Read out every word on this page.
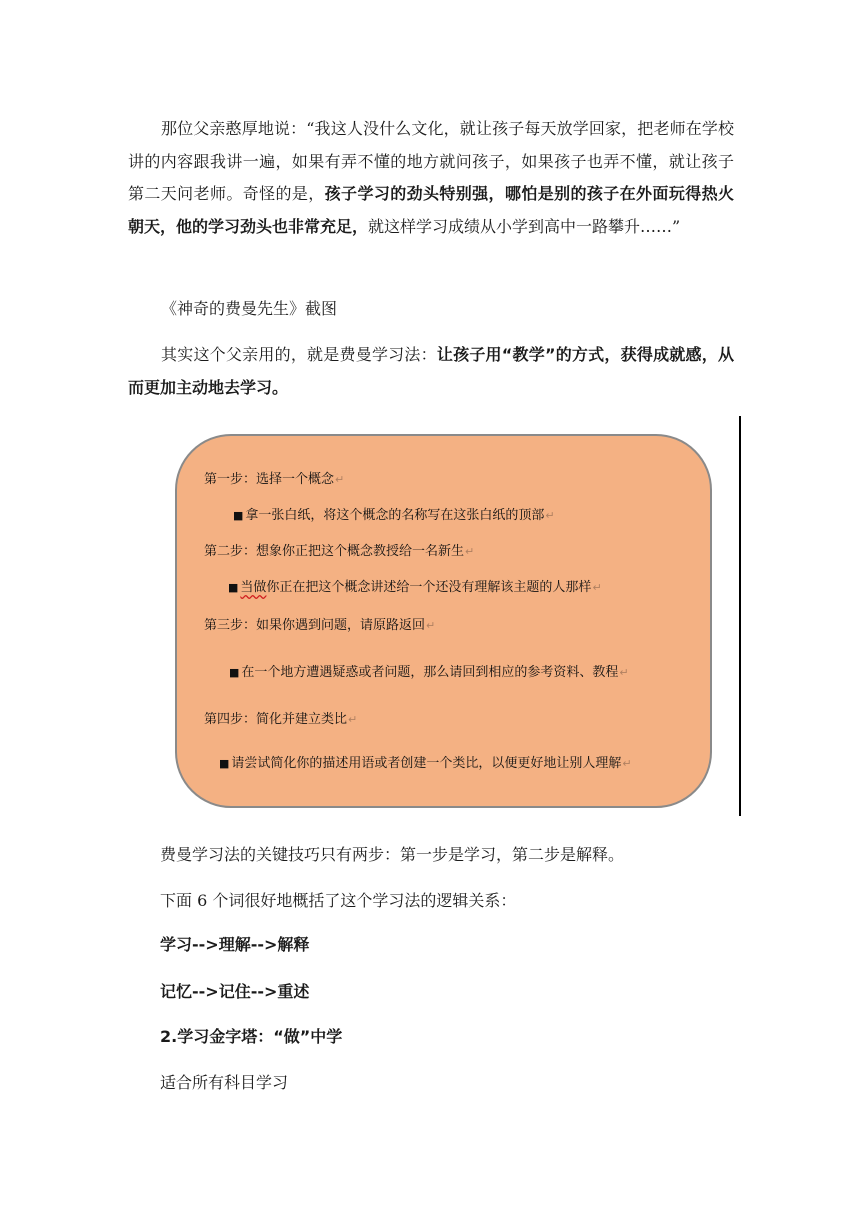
那位父亲憨厚地说：“我这人没什么文化，就让孩子每天放学回家，把老师在学校讲的内容跟我讲一遍，如果有弄不懂的地方就问孩子，如果孩子也弄不懂，就让孩子第二天问老师。奇怪的是，孩子学习的劲头特别强，哪怕是别的孩子在外面玩得热火朝天，他的学习劲头也非常充足，就这样学习成绩从小学到高中一路攀升……”

《神奇的费曼先生》截图

其实这个父亲用的，就是费曼学习法：让孩子用“教学”的方式，获得成就感，从而更加主动地去学习。

第一步：选择一个概念↵
■ 拿一张白纸，将这个概念的名称写在这张白纸的顶部↵
第二步：想象你正把这个概念教授给一名新生↵
■ 当做你正在把这个概念讲述给一个还没有理解该主题的人那样↵
第三步：如果你遇到问题，请原路返回↵
■ 在一个地方遭遇疑惑或者问题，那么请回到相应的参考资料、教程↵
第四步：简化并建立类比↵
■ 请尝试简化你的描述用语或者创建一个类比，以便更好地让别人理解↵

费曼学习法的关键技巧只有两步：第一步是学习，第二步是解释。

下面 6 个词很好地概括了这个学习法的逻辑关系：

学习-->理解-->解释

记忆-->记住-->重述

2.学习金字塔：“做”中学

适合所有科目学习
